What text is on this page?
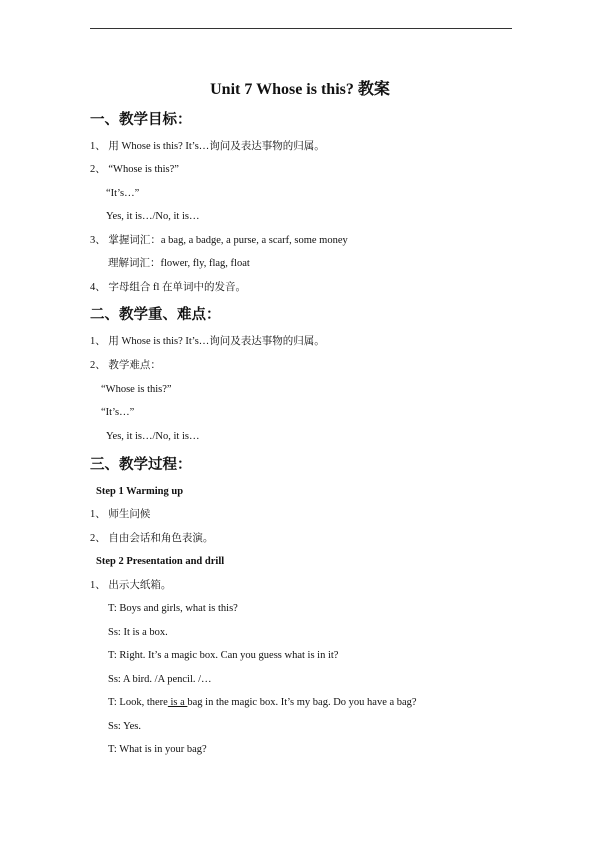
Unit 7 Whose is this? 教案
一、教学目标：
1、 用 Whose is this? It’s…询问及表达事物的归属。
2、 “Whose is this?”
“It’s…”
Yes, it is…/No, it is…
3、 掌握词汇：a bag, a badge, a purse, a scarf, some money
理解词汇：flower, fly, flag, float
4、 字母组合 fl 在单词中的发音。
二、教学重、难点：
1、 用 Whose is this? It’s…询问及表达事物的归属。
2、 教学难点：
“Whose is this?”
“It’s…”
Yes, it is…/No, it is…
三、教学过程：
Step 1 Warming up
1、 师生问候
2、 自由会话和角色表演。
Step 2 Presentation and drill
1、 出示大纸箱。
T: Boys and girls, what is this?
Ss: It is a box.
T: Right. It’s a magic box. Can you guess what is in it?
Ss: A bird. /A pencil. /…
T: Look, there is a bag in the magic box. It’s my bag. Do you have a bag?
Ss: Yes.
T: What is in your bag?
